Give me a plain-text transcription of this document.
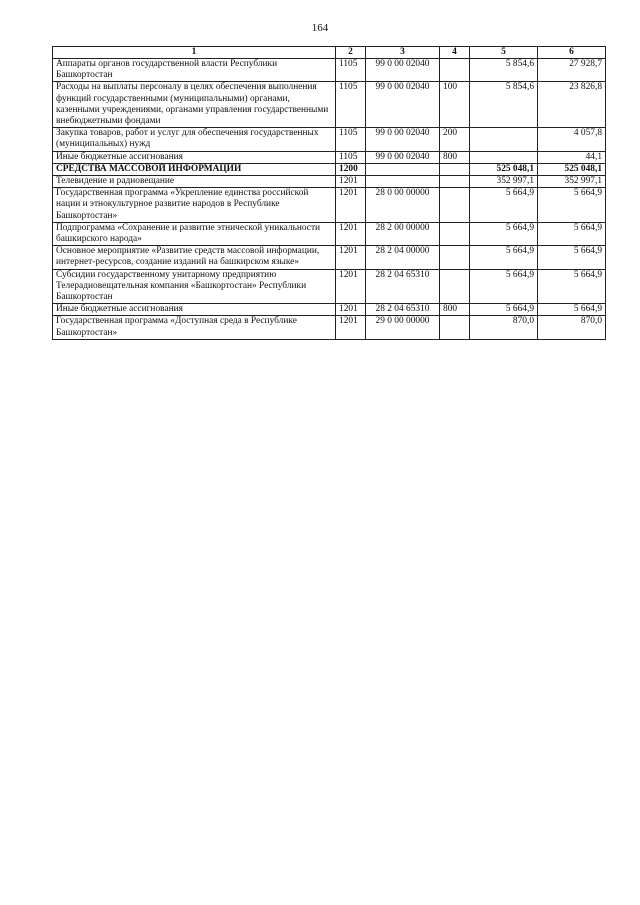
164
1	2	3	4	5	6
Аппараты органов государственной власти Республики Башкортостан	1105	99 0 00 02040		5 854,6	27 928,7
Расходы на выплаты персоналу в целях обеспечения выполнения функций государственными (муниципальными) органами, казенными учреждениями, органами управления государственными внебюджетными фондами	1105	99 0 00 02040	100	5 854,6	23 826,8
Закупка товаров, работ и услуг для обеспечения государственных (муниципальных) нужд	1105	99 0 00 02040	200		4 057,8
Иные бюджетные ассигнования	1105	99 0 00 02040	800		44,1
СРЕДСТВА МАССОВОЙ ИНФОРМАЦИИ	1200			525 048,1	525 048,1
Телевидение и радиовещание	1201			352 997,1	352 997,1
Государственная программа «Укрепление единства российской нации и этнокультурное развитие народов в Республике Башкортостан»	1201	28 0 00 00000		5 664,9	5 664,9
Подпрограмма «Сохранение и развитие этнической уникальности башкирского народа»	1201	28 2 00 00000		5 664,9	5 664,9
Основное мероприятие «Развитие средств массовой информации, интернет-ресурсов, создание изданий на башкирском языке»	1201	28 2 04 00000		5 664,9	5 664,9
Субсидии государственному унитарному предприятию Телерадиовещательная компания «Башкортостан» Республики Башкортостан	1201	28 2 04 65310		5 664,9	5 664,9
Иные бюджетные ассигнования	1201	28 2 04 65310	800	5 664,9	5 664,9
Государственная программа «Доступная среда в Республике Башкортостан»	1201	29 0 00 00000		870,0	870,0
